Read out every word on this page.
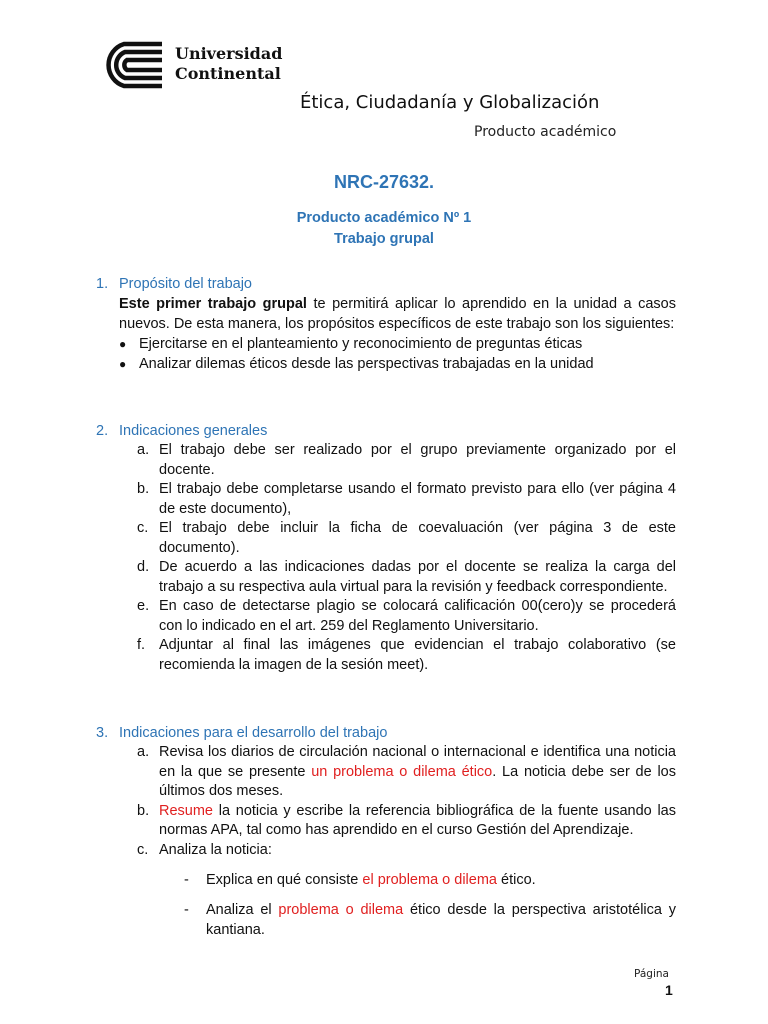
Universidad
Continental
Ética, Ciudadanía y Globalización
Producto académico
NRC-27632.
Producto académico Nº 1
Trabajo grupal
1. Propósito del trabajo

Este primer trabajo grupal te permitirá aplicar lo aprendido en la unidad a casos nuevos. De esta manera, los propósitos específicos de este trabajo son los siguientes:

● Ejercitarse en el planteamiento y reconocimiento de preguntas éticas
● Analizar dilemas éticos desde las perspectivas trabajadas en la unidad
2. Indicaciones generales
a. El trabajo debe ser realizado por el grupo previamente organizado por el docente.
b. El trabajo debe completarse usando el formato previsto para ello (ver página 4 de este documento),
c. El trabajo debe incluir la ficha de coevaluación (ver página 3 de este documento).
d. De acuerdo a las indicaciones dadas por el docente se realiza la carga del trabajo a su respectiva aula virtual para la revisión y feedback correspondiente.
e. En caso de detectarse plagio se colocará calificación 00(cero)y se procederá con lo indicado en el art. 259 del Reglamento Universitario.
f. Adjuntar al final las imágenes que evidencian el trabajo colaborativo (se recomienda la imagen de la sesión meet).
3. Indicaciones para el desarrollo del trabajo
a. Revisa los diarios de circulación nacional o internacional e identifica una noticia en la que se presente un problema o dilema ético. La noticia debe ser de los últimos dos meses.
b. Resume la noticia y escribe la referencia bibliográfica de la fuente usando las normas APA, tal como has aprendido en el curso Gestión del Aprendizaje.
c. Analiza la noticia:
- Explica en qué consiste el problema o dilema ético.
- Analiza el problema o dilema ético desde la perspectiva aristotélica y kantiana.
Página
1
